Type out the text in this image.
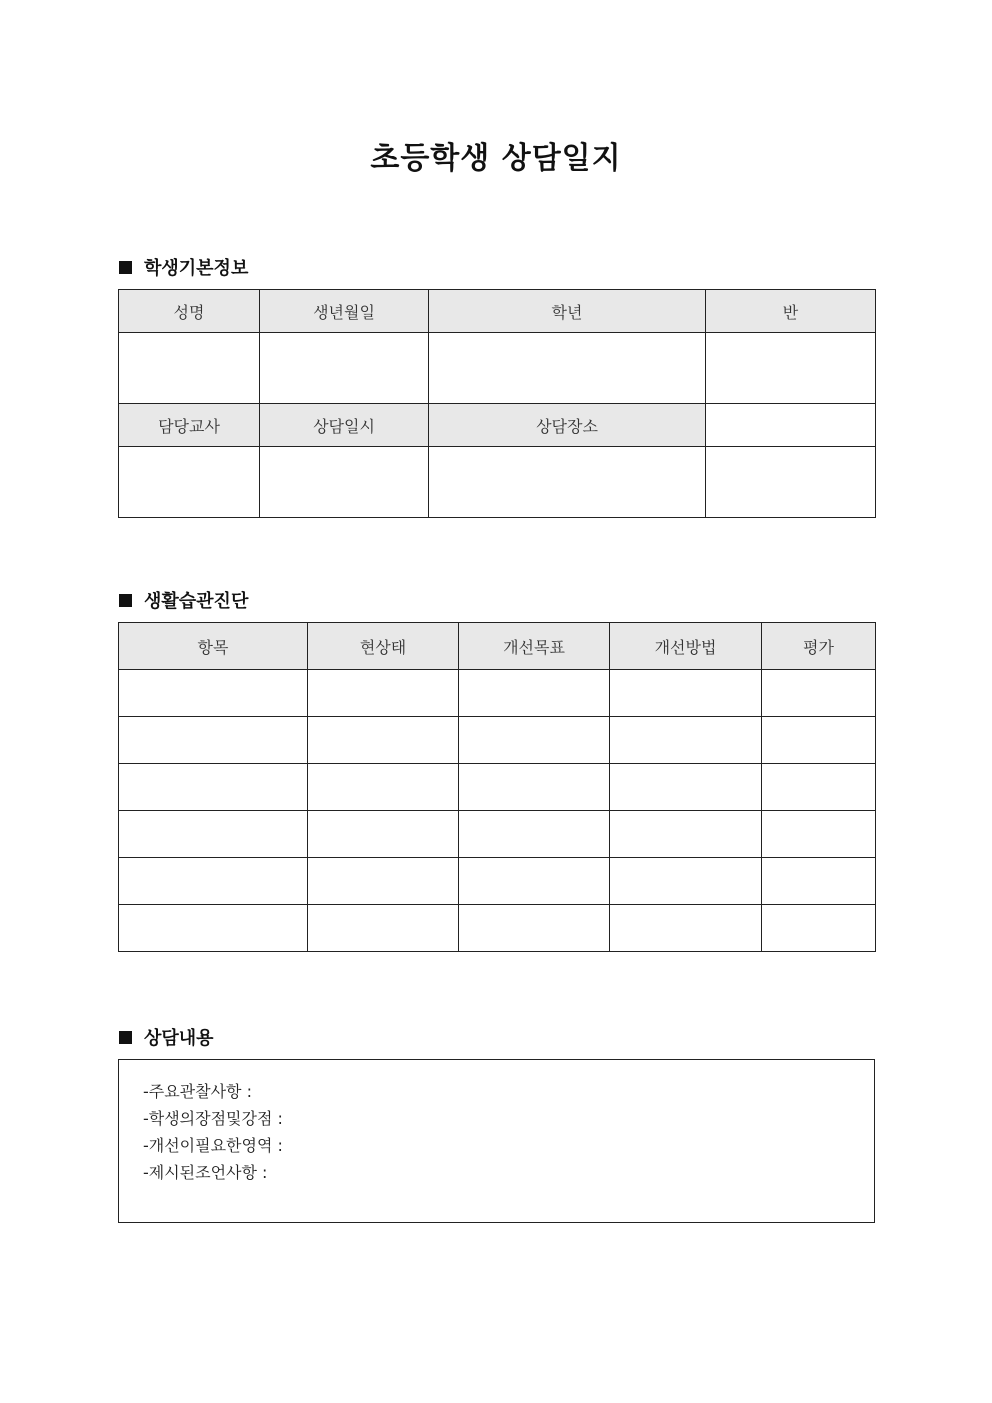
초등학생 상담일지
학생기본정보
성명	생년월일	학년	반

담당교사	상담일시	상담장소	

생활습관진단
항목	현상태	개선목표	개선방법	평가

상담내용
-주요관찰사항 :
-학생의장점및강점 :
-개선이필요한영역 :
-제시된조언사항 :
